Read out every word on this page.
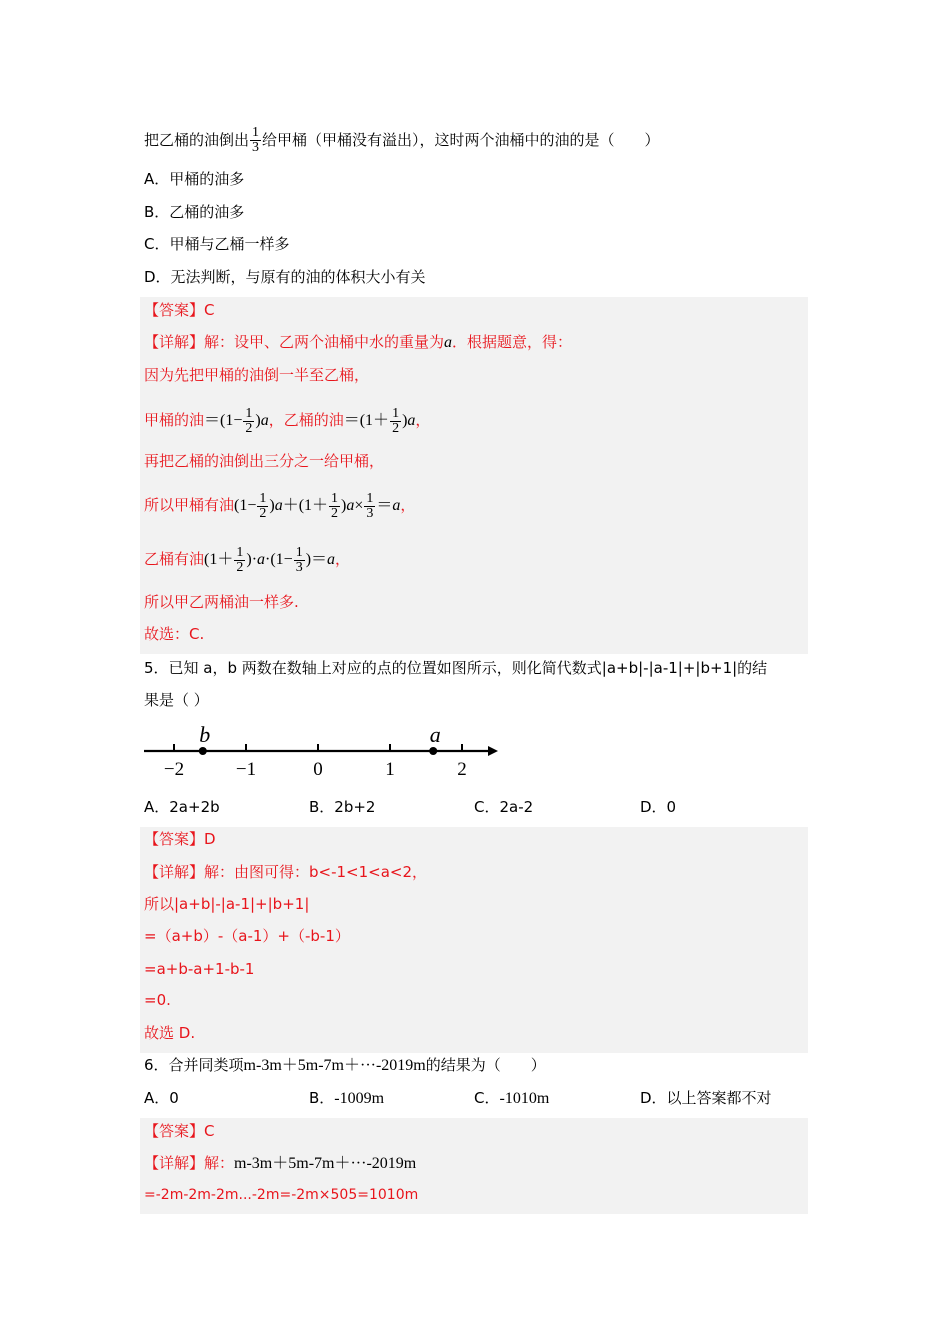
把乙桶的油倒出 $\frac{1}{3}$ 给甲桶（甲桶没有溢出），这时两个油桶中的油的是（　　）
A．甲桶的油多
B．乙桶的油多
C．甲桶与乙桶一样多
D．无法判断，与原有的油的体积大小有关
【答案】C
【详解】解：设甲、乙两个油桶中水的重量为a．根据题意，得：
因为先把甲桶的油倒一半至乙桶，
甲桶的油$=(1- \frac{1}{2} )a$，乙桶的油$=(1+ \frac{1}{2} )a$，
再把乙桶的油倒出三分之一给甲桶，
所以甲桶有油$(1- \frac{1}{2} )a+(1+ \frac{1}{2} )a\times \frac{1}{3} =a$，
乙桶有油$(1+ \frac{1}{2} )\cdot a\cdot(1- \frac{1}{3} )=a$，
所以甲乙两桶油一样多.
故选：C.
5．已知 a，b 两数在数轴上对应的点的位置如图所示，则化简代数式|a+b|-|a-1|+|b+1|的结
果是（ ）
−2	−1	0	1	2
b	a
A．2a+2b	B．2b+2	C．2a-2	D．0
【答案】D
【详解】解：由图可得：b<-1<1<a<2，
所以|a+b|-|a-1|+|b+1|
=（a+b）-（a-1）+（-b-1）
=a+b-a+1-b-1
=0.
故选 D.
6．合并同类项m-3m＋5m-7m＋···-2019m的结果为（　　）
A．0	B．-1009m	C．-1010m	D．以上答案都不对
【答案】C
【详解】解：m-3m＋5m-7m＋···-2019m
=-2m-2m-2m...-2m=-2m×505=1010m
